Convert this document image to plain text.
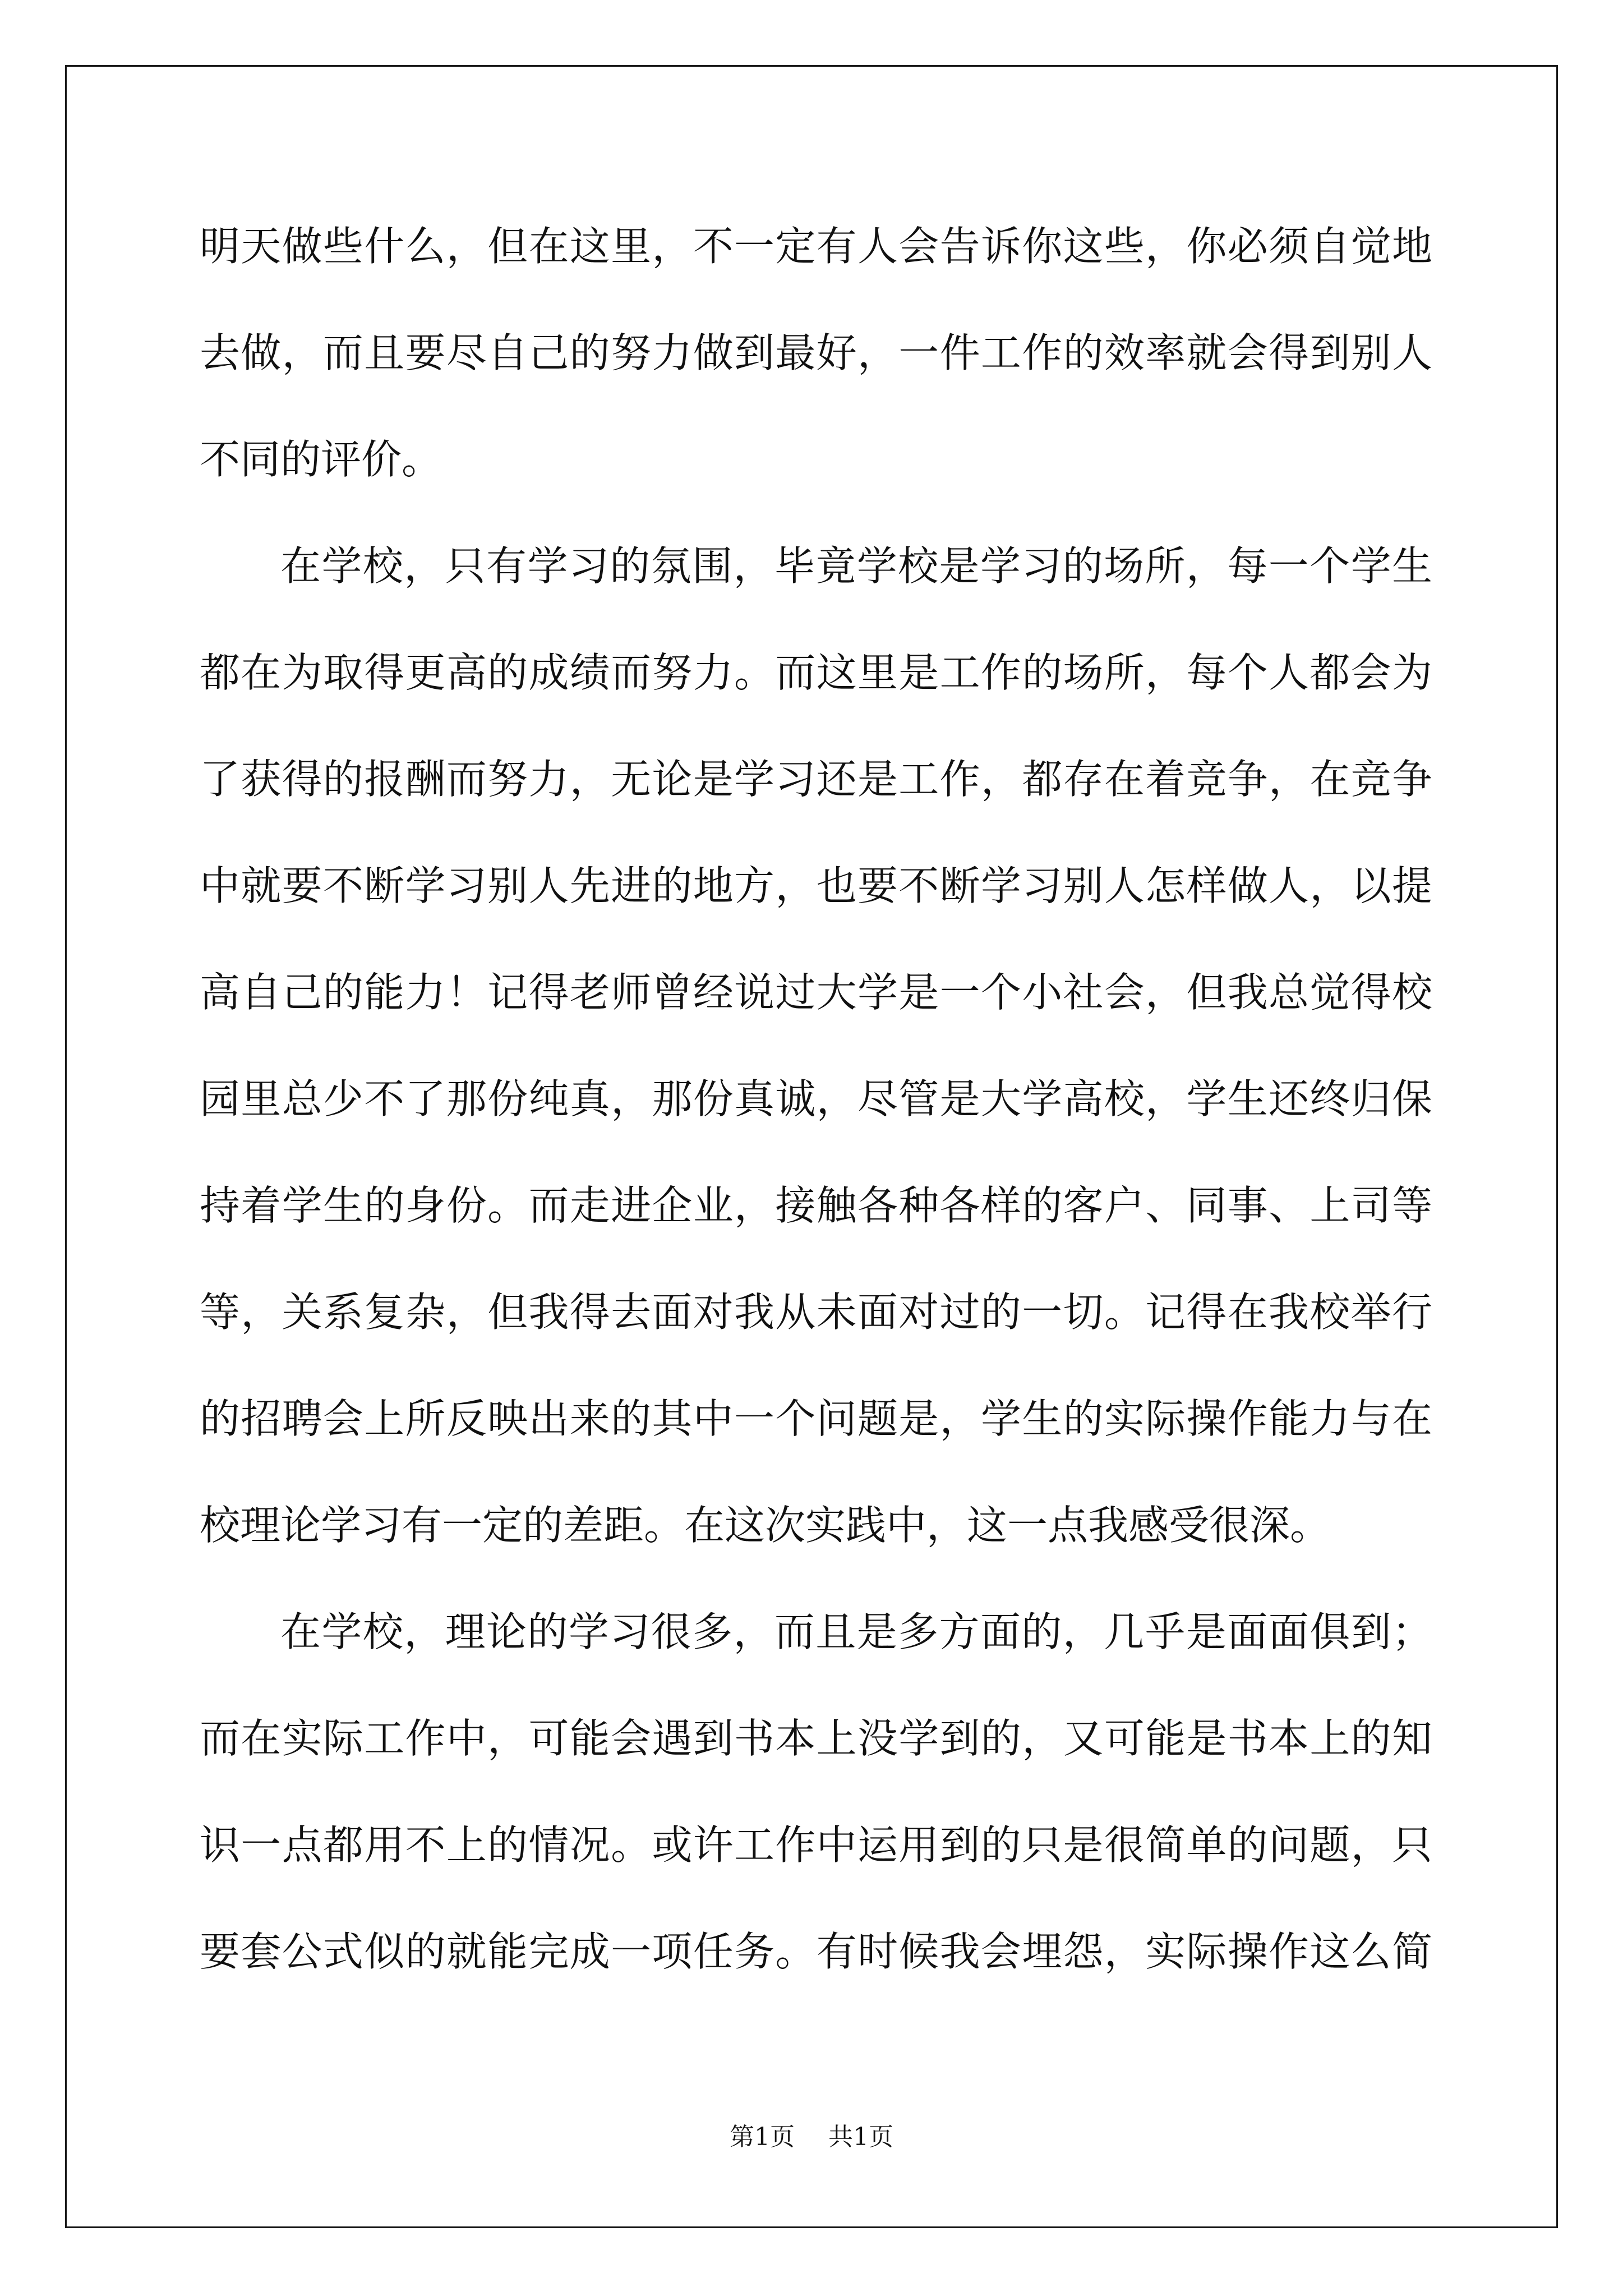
明天做些什么，但在这里，不一定有人会告诉你这些，你必须自觉地
去做，而且要尽自己的努力做到最好，一件工作的效率就会得到别人
不同的评价。
在学校，只有学习的氛围，毕竟学校是学习的场所，每一个学生
都在为取得更高的成绩而努力。而这里是工作的场所，每个人都会为
了获得的报酬而努力，无论是学习还是工作，都存在着竞争，在竞争
中就要不断学习别人先进的地方，也要不断学习别人怎样做人，以提
高自己的能力！记得老师曾经说过大学是一个小社会，但我总觉得校
园里总少不了那份纯真，那份真诚，尽管是大学高校，学生还终归保
持着学生的身份。而走进企业，接触各种各样的客户、同事、上司等
等，关系复杂，但我得去面对我从未面对过的一切。记得在我校举行
的招聘会上所反映出来的其中一个问题是，学生的实际操作能力与在
校理论学习有一定的差距。在这次实践中，这一点我感受很深。
在学校，理论的学习很多，而且是多方面的，几乎是面面俱到；
而在实际工作中，可能会遇到书本上没学到的，又可能是书本上的知
识一点都用不上的情况。或许工作中运用到的只是很简单的问题，只
要套公式似的就能完成一项任务。有时候我会埋怨，实际操作这么简
第1页 共1页
